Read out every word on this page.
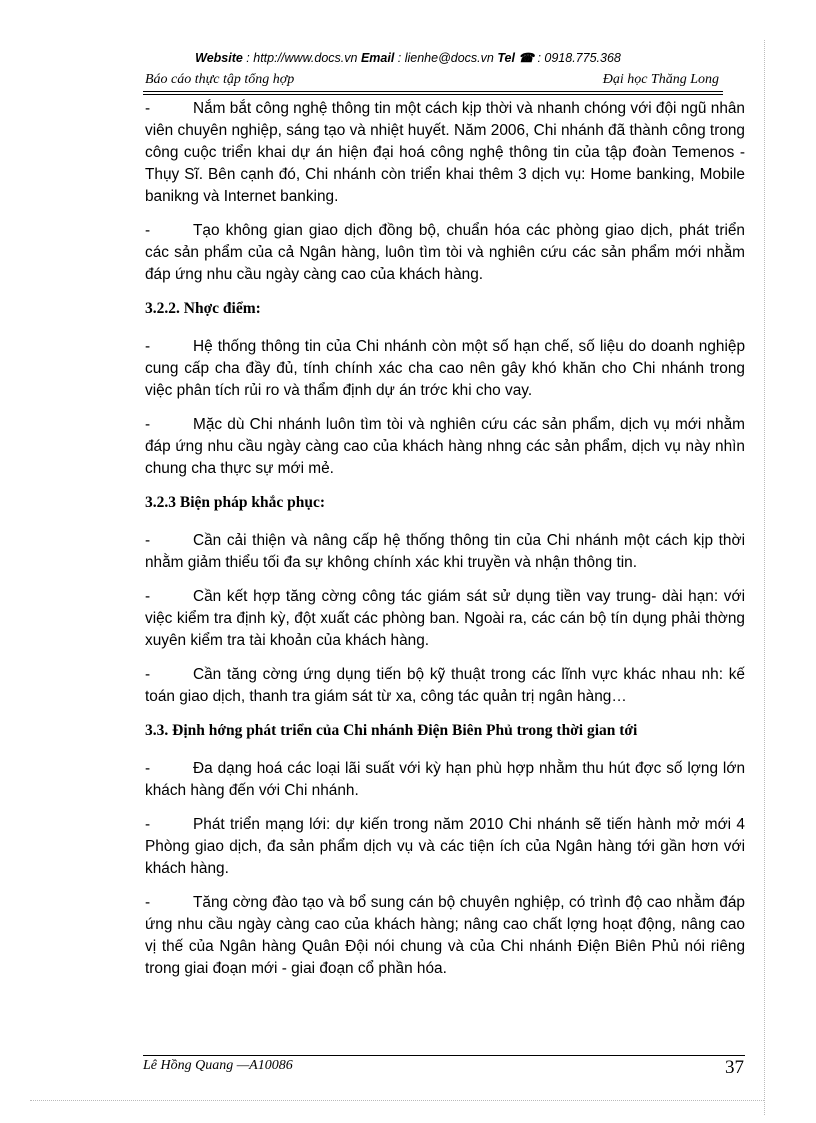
Website : http://www.docs.vn Email : lienhe@docs.vn Tel ☎ : 0918.775.368
Báo cáo thực tập tổng hợp	Đại học Thăng Long

-	Nắm bắt công nghệ thông tin một cách kịp thời và nhanh chóng với đội ngũ nhân viên chuyên nghiệp, sáng tạo và nhiệt huyết. Năm 2006, Chi nhánh đã thành công trong công cuộc triển khai dự án hiện đại hoá công nghệ thông tin của tập đoàn Temenos - Thụy Sĩ. Bên cạnh đó, Chi nhánh còn triển khai thêm 3 dịch vụ: Home banking, Mobile banikng và Internet banking.

-	Tạo không gian giao dịch đồng bộ, chuẩn hóa các phòng giao dịch, phát triển các sản phẩm của cả Ngân hàng, luôn tìm tòi và nghiên cứu các sản phẩm mới nhằm đáp ứng nhu cầu ngày càng cao của khách hàng.

3.2.2. Nhợc điểm:

-	Hệ thống thông tin của Chi nhánh còn một số hạn chế, số liệu do doanh nghiệp cung cấp cha đầy đủ, tính chính xác cha cao nên gây khó khăn cho Chi nhánh trong việc phân tích rủi ro và thẩm định dự án trớc khi cho vay.

-	Mặc dù Chi nhánh luôn tìm tòi và nghiên cứu các sản phẩm, dịch vụ mới nhằm đáp ứng nhu cầu ngày càng cao của khách hàng nhng các sản phẩm, dịch vụ này nhìn chung cha thực sự mới mẻ.

3.2.3 Biện pháp khắc phục:

-	Cần cải thiện và nâng cấp hệ thống thông tin của Chi nhánh một cách kịp thời nhằm giảm thiểu tối đa sự không chính xác khi truyền và nhận thông tin.

-	Cần kết hợp tăng cờng công tác giám sát sử dụng tiền vay trung- dài hạn: với việc kiểm tra định kỳ, đột xuất các phòng ban. Ngoài ra, các cán bộ tín dụng phải thờng xuyên kiểm tra tài khoản của khách hàng.

-	Cần tăng cờng ứng dụng tiến bộ kỹ thuật trong các lĩnh vực khác nhau nh: kế toán giao dịch, thanh tra giám sát từ xa, công tác quản trị ngân hàng…

3.3. Định hớng phát triển của Chi nhánh Điện Biên Phủ trong thời gian tới

-	Đa dạng hoá các loại lãi suất với kỳ hạn phù hợp nhằm thu hút đợc số lợng lớn khách hàng đến với Chi nhánh.

-	Phát triển mạng lới: dự kiến trong năm 2010 Chi nhánh sẽ tiến hành mở mới 4 Phòng giao dịch, đa sản phẩm dịch vụ và các tiện ích của Ngân hàng tới gần hơn với khách hàng.

-	Tăng cờng đào tạo và bổ sung cán bộ chuyên nghiệp, có trình độ cao nhằm đáp ứng nhu cầu ngày càng cao của khách hàng; nâng cao chất lợng hoạt động, nâng cao vị thế của Ngân hàng Quân Đội nói chung và của Chi nhánh Điện Biên Phủ nói riêng trong giai đoạn mới - giai đoạn cổ phần hóa.

Lê Hồng Quang —A10086	37
